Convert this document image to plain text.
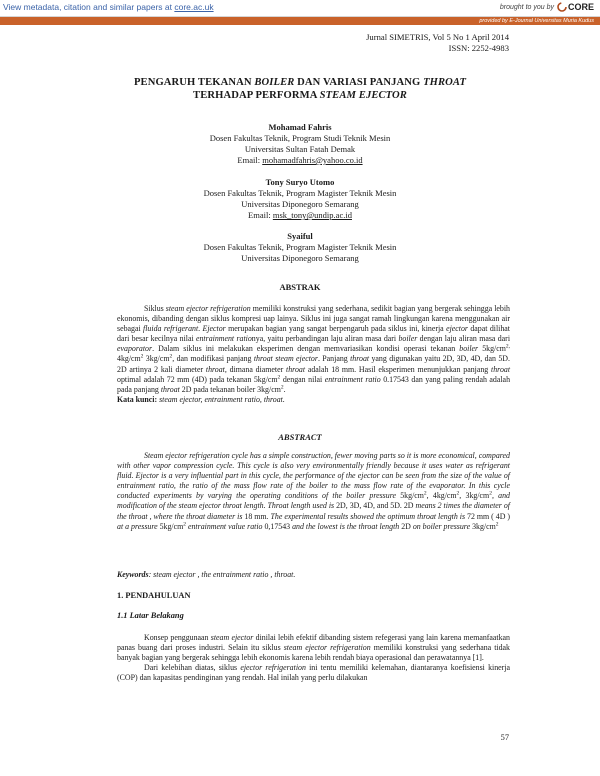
View metadata, citation and similar papers at core.ac.uk	brought to you by CORE
provided by E-Journal Universitas Muria Kudus
Jurnal SIMETRIS, Vol 5 No 1 April 2014
ISSN: 2252-4983
PENGARUH TEKANAN BOILER DAN VARIASI PANJANG THROAT
TERHADAP PERFORMA STEAM EJECTOR
Mohamad Fahris
Dosen Fakultas Teknik, Program Studi Teknik Mesin
Universitas Sultan Fatah Demak
Email: mohamadfahris@yahoo.co.id
Tony Suryo Utomo
Dosen Fakultas Teknik, Program Magister Teknik Mesin
Universitas Diponegoro Semarang
Email: msk_tony@undip.ac.id
Syaiful
Dosen Fakultas Teknik, Program Magister Teknik Mesin
Universitas Diponegoro Semarang
ABSTRAK

Siklus steam ejector refrigeration memiliki konstruksi yang sederhana, sedikit bagian yang bergerak sehingga lebih ekonomis, dibanding dengan siklus kompresi uap lainya. Siklus ini juga sangat ramah lingkungan karena menggunakan air sebagai fluida refrigerant. Ejector merupakan bagian yang sangat berpengaruh pada siklus ini, kinerja ejector dapat dilihat dari besar kecilnya nilai entrainment rationya, yaitu perbandingan laju aliran masa dari boiler dengan laju aliran masa dari evaporator. Dalam siklus ini melakukan eksperimen dengan memvariasikan kondisi operasi tekanan boiler $5kg/cm^{2,}$ $4kg/cm^2$ $3kg/cm^2$, dan modifikasi panjang throat steam ejector. Panjang throat yang digunakan yaitu 2D, 3D, 4D, dan 5D. 2D artinya 2 kali diameter throat, dimana diameter throat adalah 18 mm. Hasil eksperimen menunjukkan panjang throat optimal adalah 72 mm (4D) pada tekanan $5kg/cm^2$ dengan nilai entrainment ratio 0.17543 dan yang paling rendah adalah pada panjang throat 2D pada tekanan boiler $3kg/cm^2$.

Kata kunci: steam ejector, entrainment ratio, throat.

ABSTRACT

Steam ejector refrigeration cycle has a simple construction, fewer moving parts so it is more economical, compared with other vapor compression cycle. This cycle is also very environmentally friendly because it uses water as refrigerant fluid. Ejector is a very influential part in this cycle, the performance of the ejector can be seen from the size of the value of entrainment ratio, the ratio of the mass flow rate of the boiler to the mass flow rate of the evaporator. In this cycle conducted experiments by varying the operating conditions of the boiler pressure $5kg/cm^2$, $4kg/cm^2$, $3kg/cm^2$, and modification of the steam ejector throat length. Throat length used is 2D, 3D, 4D, and 5D. 2D means 2 times the diameter of the throat , where the throat diameter is 18 mm. The experimental results showed the optimum throat length is 72 mm ( 4D ) at a pressure $5kg/cm^2$ entrainment value ratio 0,17543 and the lowest is the throat length 2D on boiler pressure $3kg/cm^2$

Keywords: steam ejector , the entrainment ratio , throat.

1. PENDAHULUAN
1.1 Latar Belakang

Konsep penggunaan steam ejector dinilai lebih efektif dibanding sistem refegerasi yang lain karena memanfaatkan panas buang dari proses industri. Selain itu siklus steam ejector refrigeration memiliki konstruksi yang sederhana tidak banyak bagian yang bergerak sehingga lebih ekonomis karena lebih rendah biaya operasional dan perawatannya [1].

Dari kelebihan diatas, siklus ejector refrigeration ini tentu memiliki kelemahan, diantaranya koefisiensi kinerja (COP) dan kapasitas pendinginan yang rendah. Hal inilah yang perlu dilakukan

57
